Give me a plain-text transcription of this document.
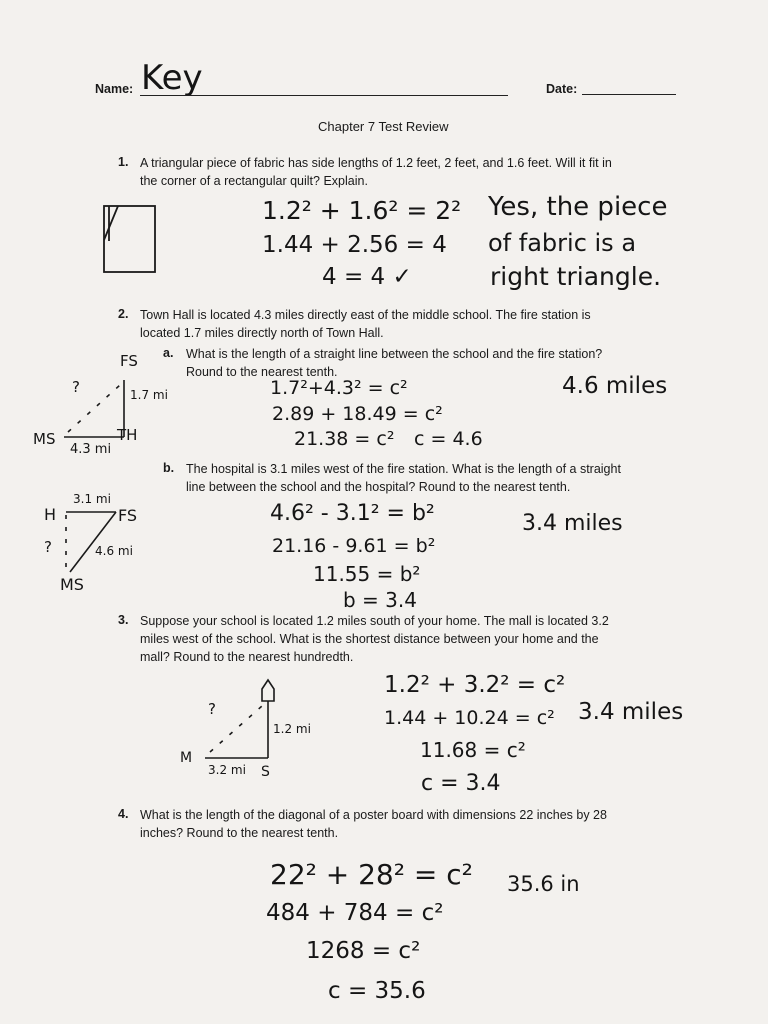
Name: Key	Date:
Chapter 7 Test Review
1. A triangular piece of fabric has side lengths of 1.2 feet, 2 feet, and 1.6 feet. Will it fit in
the corner of a rectangular quilt? Explain.
1.2² + 1.6² = 2²
1.44 + 2.56 = 4
4 = 4 ✓
Yes, the piece
of fabric is a
right triangle.
2. Town Hall is located 4.3 miles directly east of the middle school. The fire station is
located 1.7 miles directly north of Town Hall.
a. What is the length of a straight line between the school and the fire station?
Round to the nearest tenth.
FS
?	1.7 mi
MS	TH
4.3 mi
1.7²+4.3² = c²
2.89 + 18.49 = c²
21.38 = c² c = 4.6
4.6 miles
b. The hospital is 3.1 miles west of the fire station. What is the length of a straight
line between the school and the hospital? Round to the nearest tenth.
3.1 mi
H	FS
?	4.6 mi
MS
4.6² - 3.1² = b²
21.16 - 9.61 = b²
11.55 = b²
b = 3.4
3.4 miles
3. Suppose your school is located 1.2 miles south of your home. The mall is located 3.2
miles west of the school. What is the shortest distance between your home and the
mall? Round to the nearest hundredth.
?
1.2 mi
M
3.2 mi S
1.2² + 3.2² = c²
1.44 + 10.24 = c²
11.68 = c²
c = 3.4
3.4 miles
4. What is the length of the diagonal of a poster board with dimensions 22 inches by 28
inches? Round to the nearest tenth.
22² + 28² = c²
484 + 784 = c²
1268 = c²
c = 35.6
35.6 in
